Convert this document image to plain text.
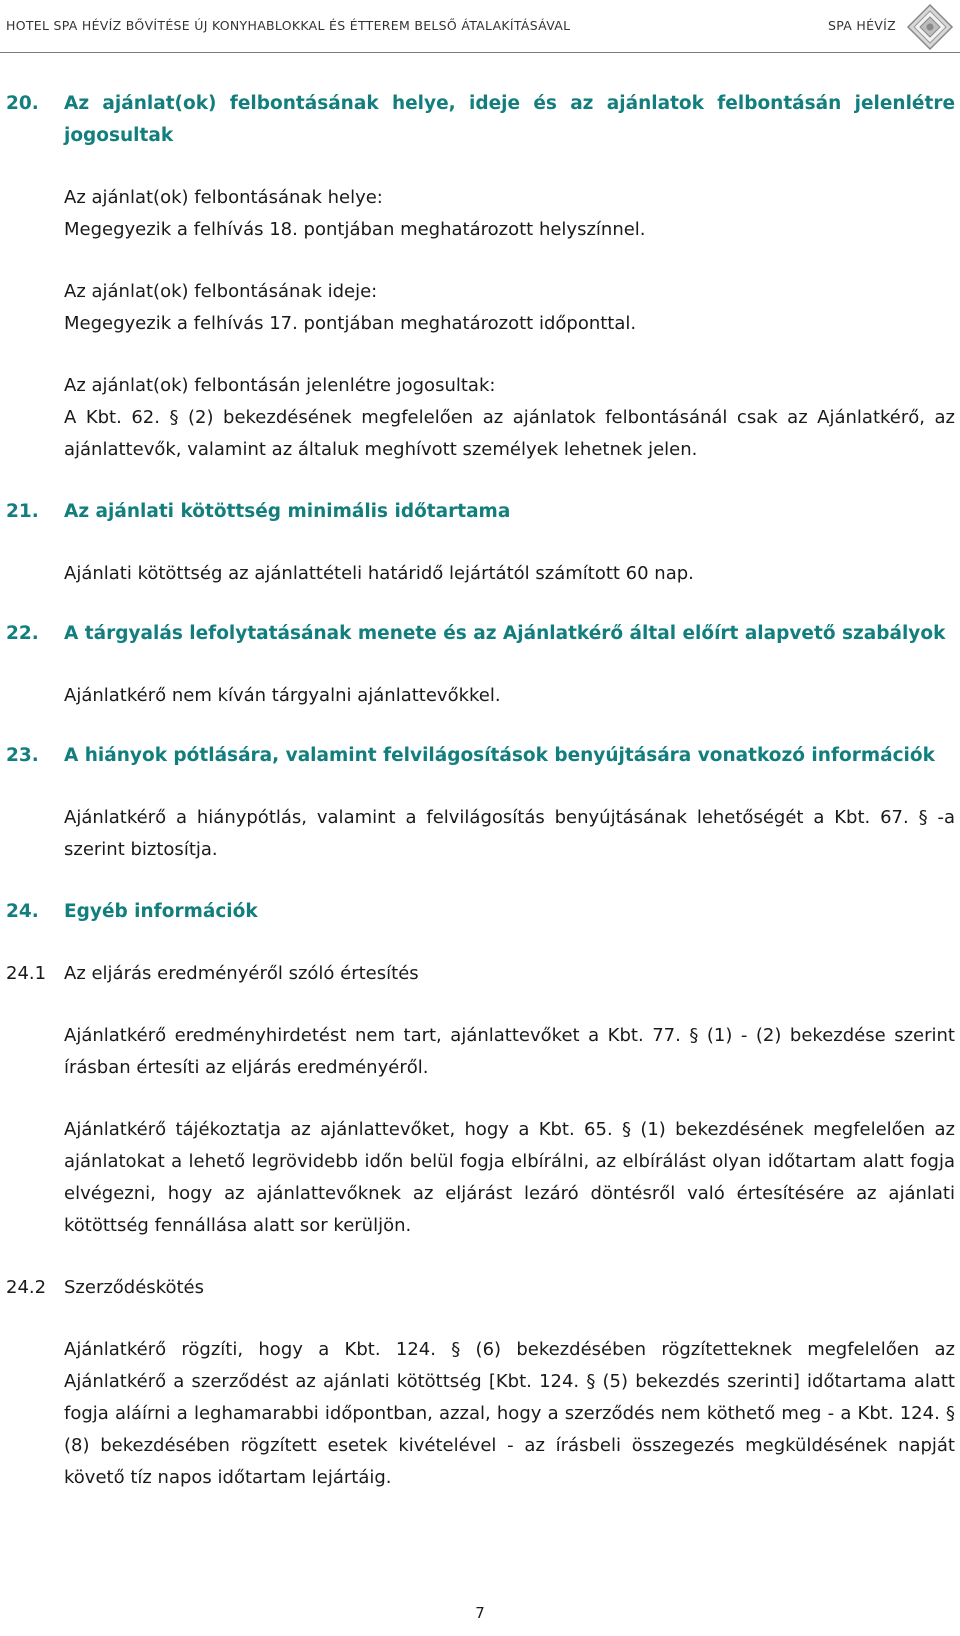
HOTEL SPA HÉVÍZ BŐVÍTÉSE ÚJ KONYHABLOKKAL ÉS ÉTTEREM BELSŐ ÁTALAKÍTÁSÁVAL	SPA HÉVÍZ
20.	Az ajánlat(ok) felbontásának helye, ideje és az ajánlatok felbontásán jelenlétre jogosultak

Az ajánlat(ok) felbontásának helye:

Megegyezik a felhívás 18. pontjában meghatározott helyszínnel.

Az ajánlat(ok) felbontásának ideje:

Megegyezik a felhívás 17. pontjában meghatározott időponttal.

Az ajánlat(ok) felbontásán jelenlétre jogosultak:

A Kbt. 62. § (2) bekezdésének megfelelően az ajánlatok felbontásánál csak az Ajánlatkérő, az ajánlattevők, valamint az általuk meghívott személyek lehetnek jelen.

21.	Az ajánlati kötöttség minimális időtartama

Ajánlati kötöttség az ajánlattételi határidő lejártától számított 60 nap.

22.	A tárgyalás lefolytatásának menete és az Ajánlatkérő által előírt alapvető szabályok

Ajánlatkérő nem kíván tárgyalni ajánlattevőkkel.

23.	A hiányok pótlására, valamint felvilágosítások benyújtására vonatkozó információk

Ajánlatkérő a hiánypótlás, valamint a felvilágosítás benyújtásának lehetőségét a Kbt. 67. § -a szerint biztosítja.

24.	Egyéb információk
24.1 Az eljárás eredményéről szóló értesítés

Ajánlatkérő eredményhirdetést nem tart, ajánlattevőket a Kbt. 77. § (1) - (2) bekezdése szerint írásban értesíti az eljárás eredményéről.

Ajánlatkérő tájékoztatja az ajánlattevőket, hogy a Kbt. 65. § (1) bekezdésének megfelelően az ajánlatokat a lehető legrövidebb időn belül fogja elbírálni, az elbírálást olyan időtartam alatt fogja elvégezni, hogy az ajánlattevőknek az eljárást lezáró döntésről való értesítésére az ajánlati kötöttség fennállása alatt sor kerüljön.

24.2 Szerződéskötés

Ajánlatkérő rögzíti, hogy a Kbt. 124. § (6) bekezdésében rögzítetteknek megfelelően az Ajánlatkérő a szerződést az ajánlati kötöttség [Kbt. 124. § (5) bekezdés szerinti] időtartama alatt fogja aláírni a leghamarabbi időpontban, azzal, hogy a szerződés nem köthető meg - a Kbt. 124. § (8) bekezdésében rögzített esetek kivételével - az írásbeli összegezés megküldésének napját követő tíz napos időtartam lejártáig.

7
